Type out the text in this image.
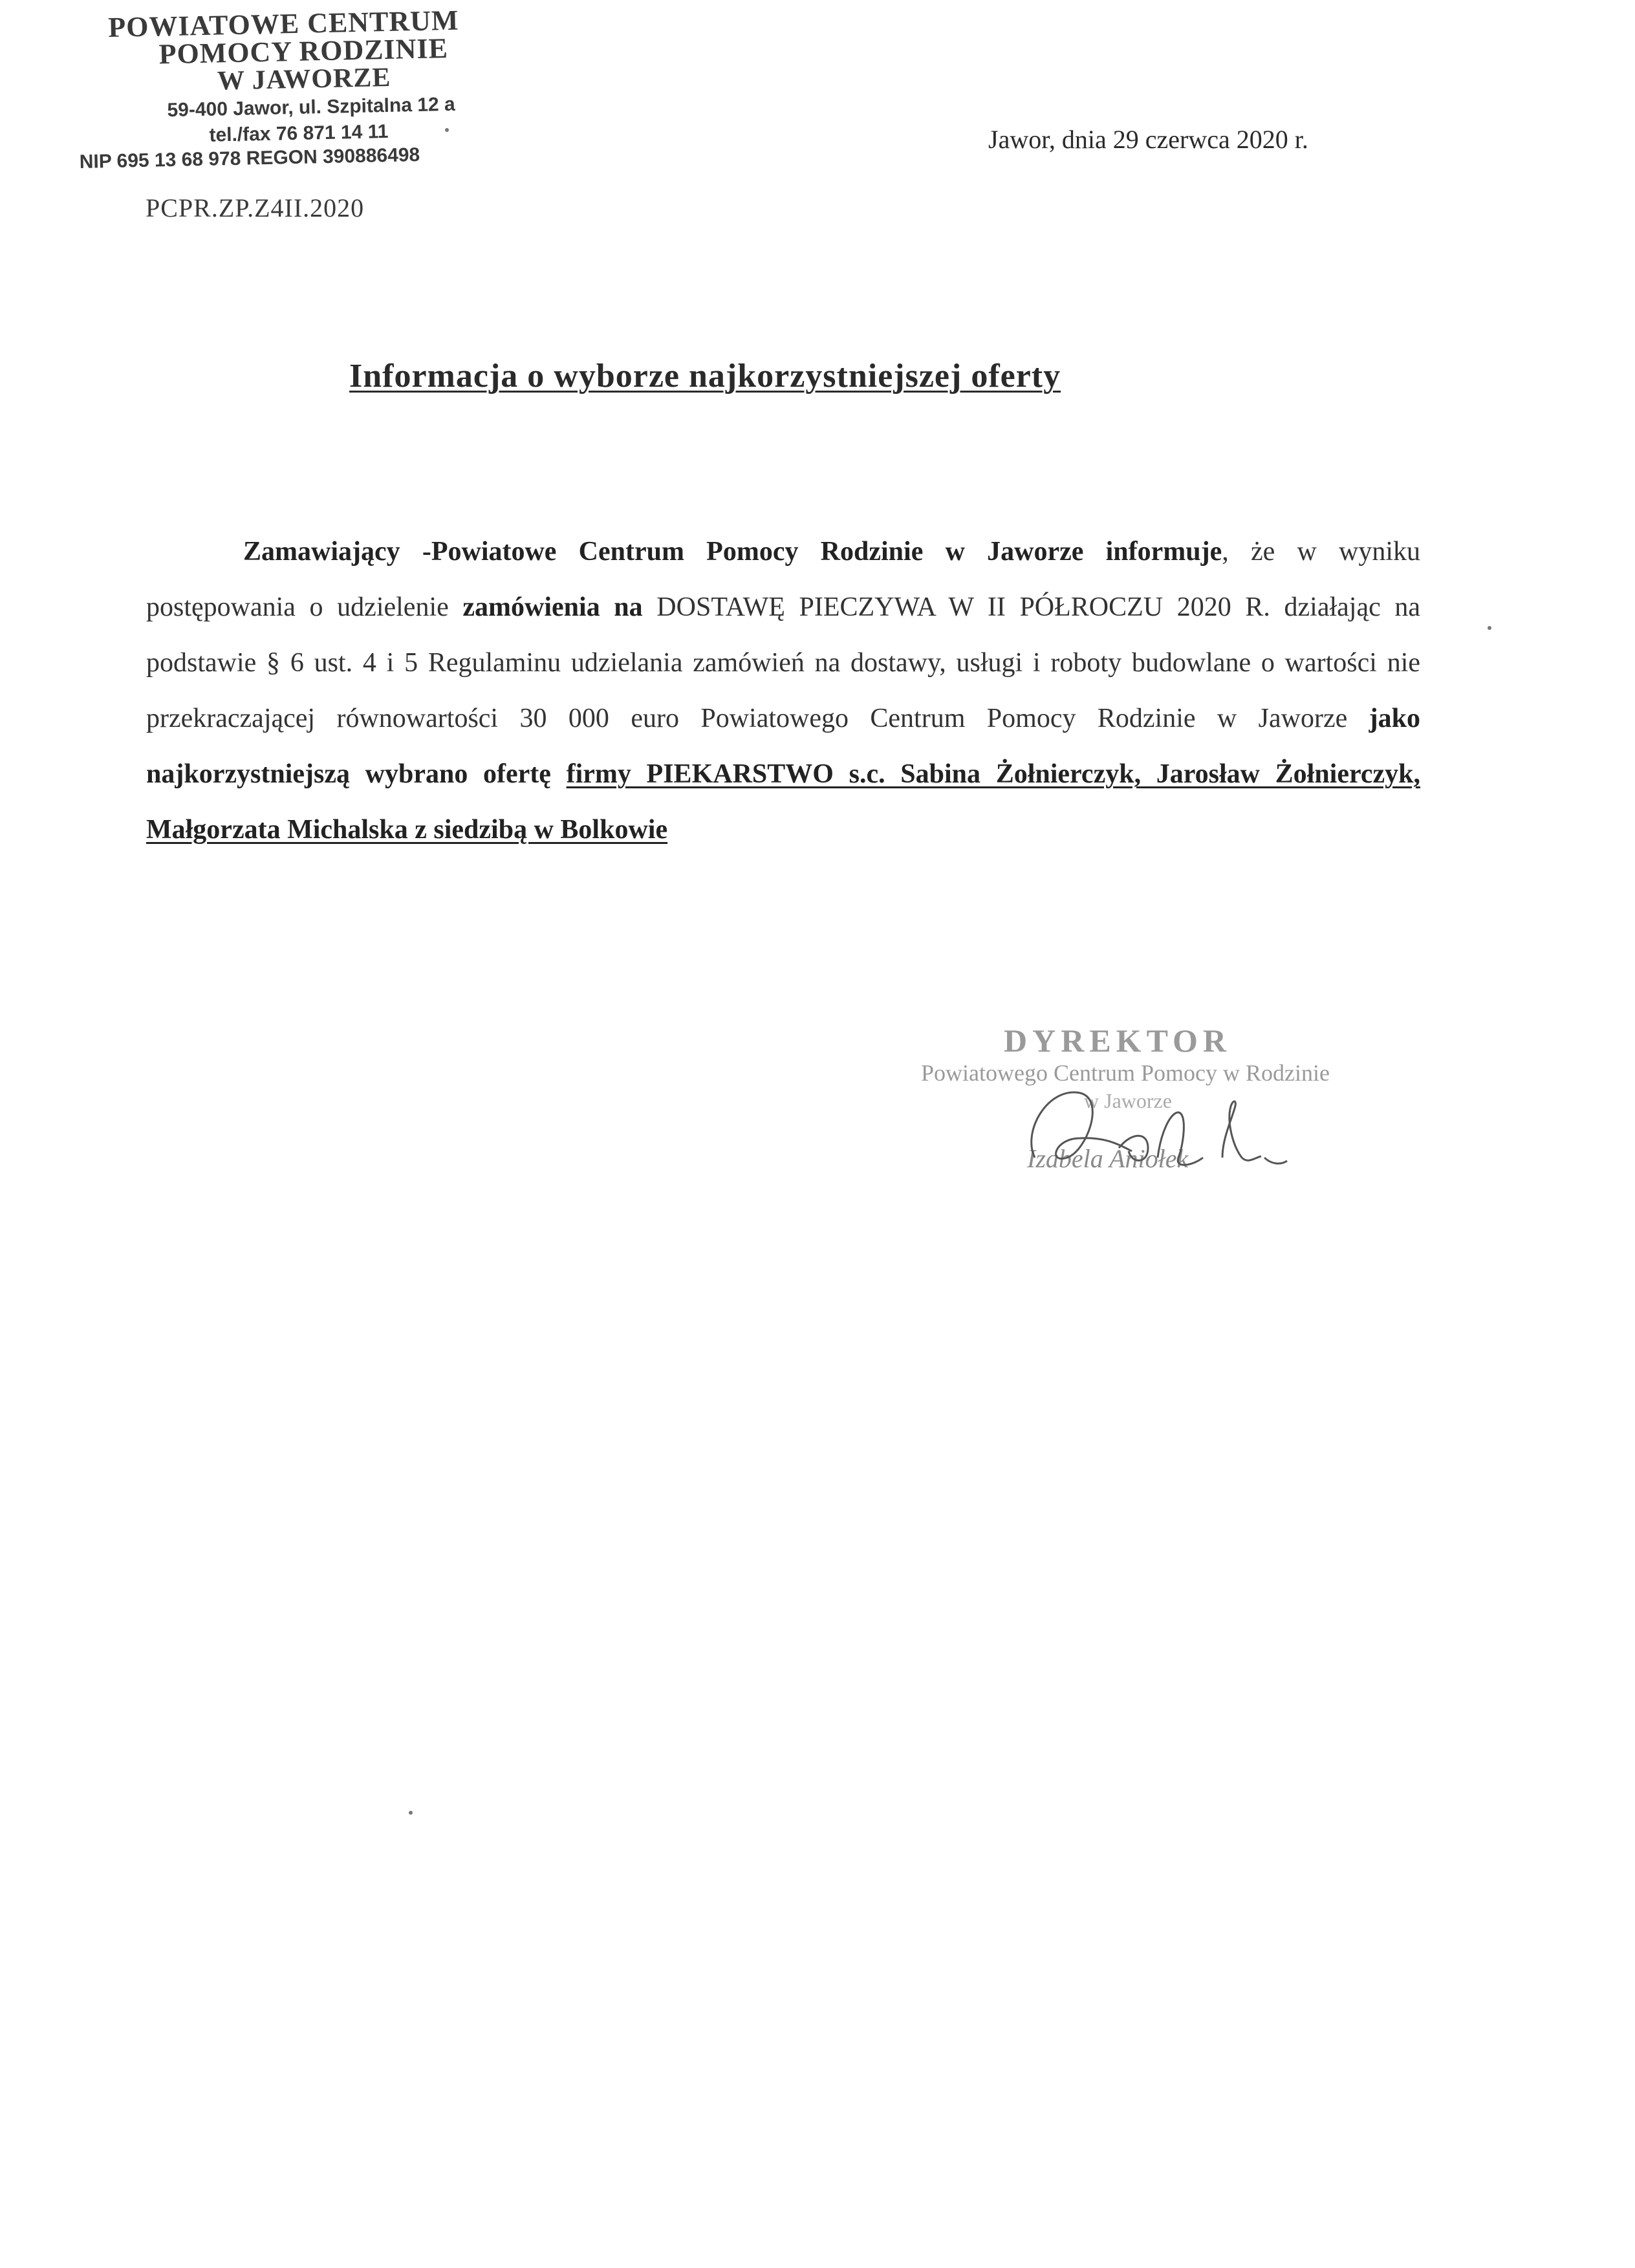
POWIATOWE CENTRUM
POMOCY RODZINIE
W JAWORZE
59-400 Jawor, ul. Szpitalna 12 a
tel./fax 76 871 14 11
NIP 695 13 68 978 REGON 390886498
PCPR.ZP.Z4II.2020
Jawor, dnia 29 czerwca 2020 r.
Informacja o wyborze najkorzystniejszej oferty
Zamawiający -Powiatowe Centrum Pomocy Rodzinie w Jaworze informuje, że w wyniku postępowania o udzielenie zamówienia na DOSTAWĘ PIECZYWA W II PÓŁROCZU 2020 R. działając na podstawie § 6 ust. 4 i 5 Regulaminu udzielania zamówień na dostawy, usługi i roboty budowlane o wartości nie przekraczającej równowartości 30 000 euro Powiatowego Centrum Pomocy Rodzinie w Jaworze jako najkorzystniejszą wybrano ofertę firmy PIEKARSTWO s.c. Sabina Żołnierczyk, Jarosław Żołnierczyk, Małgorzata Michalska z siedzibą w Bolkowie
DYREKTOR
Powiatowego Centrum Pomocy w Rodzinie
w Jaworze
Izabela Aniołek
